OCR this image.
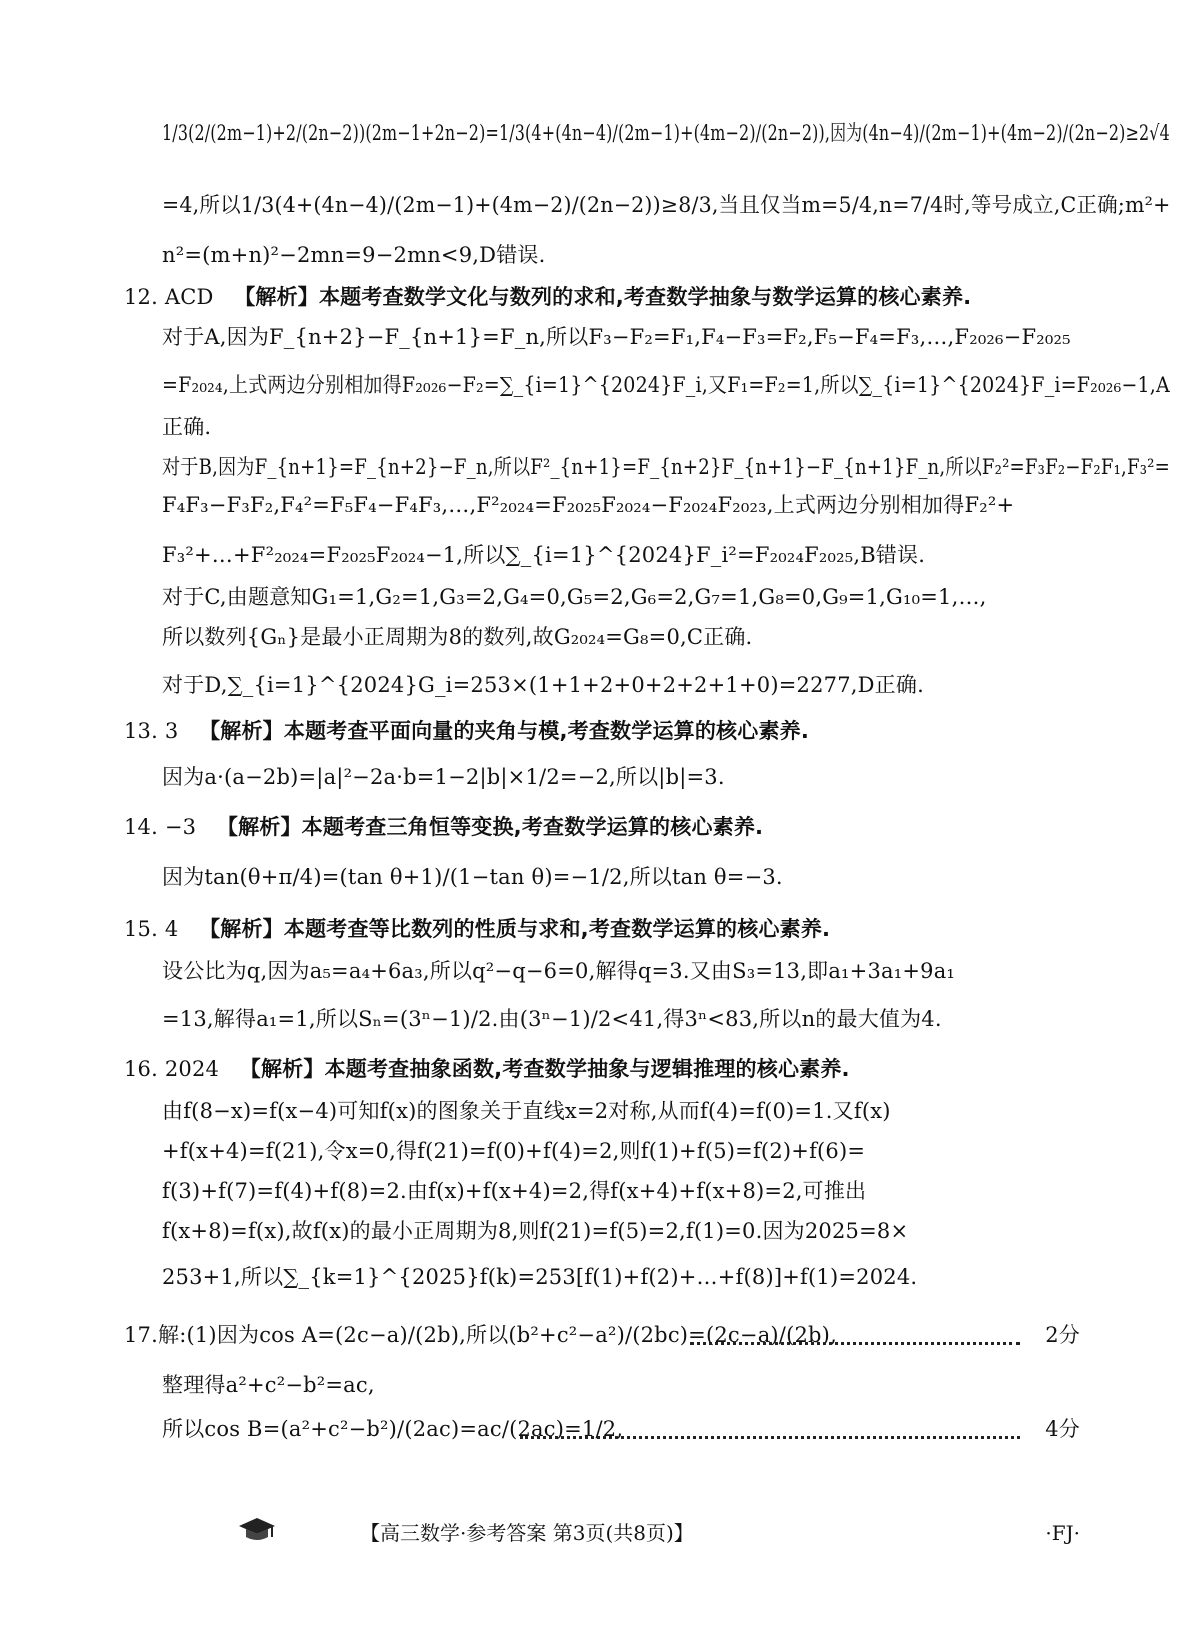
1/3(2/(2m−1)+2/(2n−2))(2m−1+2n−2)=1/3(4+(4n−4)/(2m−1)+(4m−2)/(2n−2)),因为(4n−4)/(2m−1)+(4m−2)/(2n−2)≥2√4
=4,所以1/3(4+(4n−4)/(2m−1)+(4m−2)/(2n−2))≥8/3,当且仅当m=5/4,n=7/4时,等号成立,C正确;m²+
n²=(m+n)²−2mn=9−2mn<9,D错误.
12. ACD 【解析】本题考查数学文化与数列的求和,考查数学抽象与数学运算的核心素养.
对于A,因为F_{n+2}−F_{n+1}=F_n,所以F₃−F₂=F₁,F₄−F₃=F₂,F₅−F₄=F₃,…,F₂₀₂₆−F₂₀₂₅
=F₂₀₂₄,上式两边分别相加得F₂₀₂₆−F₂=∑_{i=1}^{2024}F_i,又F₁=F₂=1,所以∑_{i=1}^{2024}F_i=F₂₀₂₆−1,A
正确.
对于B,因为F_{n+1}=F_{n+2}−F_n,所以F²_{n+1}=F_{n+2}F_{n+1}−F_{n+1}F_n,所以F₂²=F₃F₂−F₂F₁,F₃²=
F₄F₃−F₃F₂,F₄²=F₅F₄−F₄F₃,…,F²₂₀₂₄=F₂₀₂₅F₂₀₂₄−F₂₀₂₄F₂₀₂₃,上式两边分别相加得F₂²+
F₃²+…+F²₂₀₂₄=F₂₀₂₅F₂₀₂₄−1,所以∑_{i=1}^{2024}F_i²=F₂₀₂₄F₂₀₂₅,B错误.
对于C,由题意知G₁=1,G₂=1,G₃=2,G₄=0,G₅=2,G₆=2,G₇=1,G₈=0,G₉=1,G₁₀=1,…,
所以数列{Gₙ}是最小正周期为8的数列,故G₂₀₂₄=G₈=0,C正确.
对于D,∑_{i=1}^{2024}G_i=253×(1+1+2+0+2+2+1+0)=2277,D正确.
13. 3 【解析】本题考查平面向量的夹角与模,考查数学运算的核心素养.
因为a·(a−2b)=|a|²−2a·b=1−2|b|×1/2=−2,所以|b|=3.
14. −3 【解析】本题考查三角恒等变换,考查数学运算的核心素养.
因为tan(θ+π/4)=(tan θ+1)/(1−tan θ)=−1/2,所以tan θ=−3.
15. 4 【解析】本题考查等比数列的性质与求和,考查数学运算的核心素养.
设公比为q,因为a₅=a₄+6a₃,所以q²−q−6=0,解得q=3.又由S₃=13,即a₁+3a₁+9a₁
=13,解得a₁=1,所以Sₙ=(3ⁿ−1)/2.由(3ⁿ−1)/2<41,得3ⁿ<83,所以n的最大值为4.
16. 2024 【解析】本题考查抽象函数,考查数学抽象与逻辑推理的核心素养.
由f(8−x)=f(x−4)可知f(x)的图象关于直线x=2对称,从而f(4)=f(0)=1.又f(x)
+f(x+4)=f(21),令x=0,得f(21)=f(0)+f(4)=2,则f(1)+f(5)=f(2)+f(6)=
f(3)+f(7)=f(4)+f(8)=2.由f(x)+f(x+4)=2,得f(x+4)+f(x+8)=2,可推出
f(x+8)=f(x),故f(x)的最小正周期为8,则f(21)=f(5)=2,f(1)=0.因为2025=8×
253+1,所以∑_{k=1}^{2025}f(k)=253[f(1)+f(2)+…+f(8)]+f(1)=2024.
17.解:(1)因为cos A=(2c−a)/(2b),所以(b²+c²−a²)/(2bc)=(2c−a)/(2b),	2分
整理得a²+c²−b²=ac,
所以cos B=(a²+c²−b²)/(2ac)=ac/(2ac)=1/2,	4分
【高三数学·参考答案 第3页(共8页)】	·FJ·
